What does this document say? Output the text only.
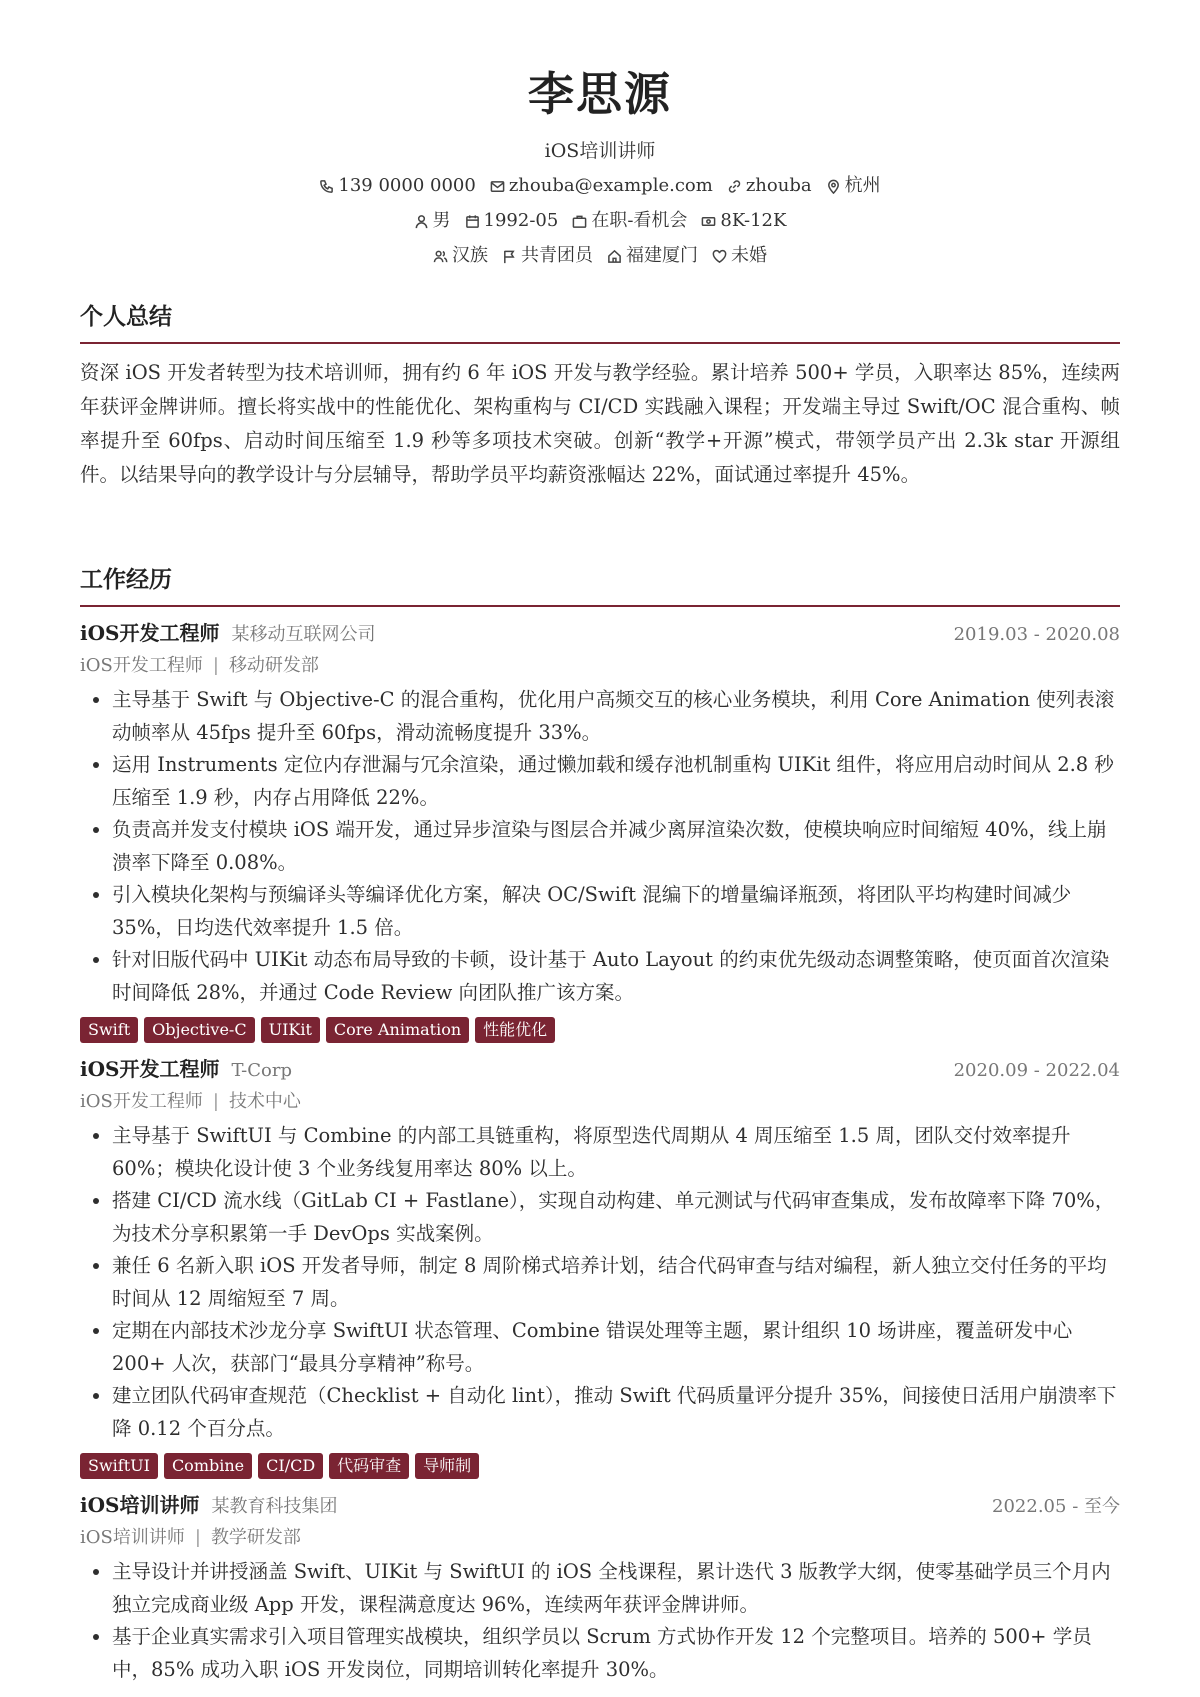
李思源
iOS培训讲师
139 0000 0000 zhouba@example.com zhouba 杭州
男 1992-05 在职-看机会 8K-12K
汉族 共青团员 福建厦门 未婚
个人总结
资深 iOS 开发者转型为技术培训师，拥有约 6 年 iOS 开发与教学经验。累计培养 500+ 学员，入职率达 85%，连续两年获评金牌讲师。擅长将实战中的性能优化、架构重构与 CI/CD 实践融入课程；开发端主导过 Swift/OC 混合重构、帧率提升至 60fps、启动时间压缩至 1.9 秒等多项技术突破。创新“教学+开源”模式，带领学员产出 2.3k star 开源组件。以结果导向的教学设计与分层辅导，帮助学员平均薪资涨幅达 22%，面试通过率提升 45%。
工作经历
iOS开发工程师 某移动互联网公司	2019.03 - 2020.08
iOS开发工程师 | 移动研发部
• 主导基于 Swift 与 Objective-C 的混合重构，优化用户高频交互的核心业务模块，利用 Core Animation 使列表滚动帧率从 45fps 提升至 60fps，滑动流畅度提升 33%。
• 运用 Instruments 定位内存泄漏与冗余渲染，通过懒加载和缓存池机制重构 UIKit 组件，将应用启动时间从 2.8 秒压缩至 1.9 秒，内存占用降低 22%。
• 负责高并发支付模块 iOS 端开发，通过异步渲染与图层合并减少离屏渲染次数，使模块响应时间缩短 40%，线上崩溃率下降至 0.08%。
• 引入模块化架构与预编译头等编译优化方案，解决 OC/Swift 混编下的增量编译瓶颈，将团队平均构建时间减少 35%，日均迭代效率提升 1.5 倍。
• 针对旧版代码中 UIKit 动态布局导致的卡顿，设计基于 Auto Layout 的约束优先级动态调整策略，使页面首次渲染时间降低 28%，并通过 Code Review 向团队推广该方案。
Swift	Objective-C	UIKit	Core Animation	性能优化
iOS开发工程师 T-Corp	2020.09 - 2022.04
iOS开发工程师 | 技术中心
• 主导基于 SwiftUI 与 Combine 的内部工具链重构，将原型迭代周期从 4 周压缩至 1.5 周，团队交付效率提升 60%；模块化设计使 3 个业务线复用率达 80% 以上。
• 搭建 CI/CD 流水线（GitLab CI + Fastlane），实现自动构建、单元测试与代码审查集成，发布故障率下降 70%，为技术分享积累第一手 DevOps 实战案例。
• 兼任 6 名新入职 iOS 开发者导师，制定 8 周阶梯式培养计划，结合代码审查与结对编程，新人独立交付任务的平均时间从 12 周缩短至 7 周。
• 定期在内部技术沙龙分享 SwiftUI 状态管理、Combine 错误处理等主题，累计组织 10 场讲座，覆盖研发中心 200+ 人次，获部门“最具分享精神”称号。
• 建立团队代码审查规范（Checklist + 自动化 lint），推动 Swift 代码质量评分提升 35%，间接使日活用户崩溃率下降 0.12 个百分点。
SwiftUI	Combine	CI/CD	代码审查	导师制
iOS培训讲师 某教育科技集团	2022.05 - 至今
iOS培训讲师 | 教学研发部
• 主导设计并讲授涵盖 Swift、UIKit 与 SwiftUI 的 iOS 全栈课程，累计迭代 3 版教学大纲，使零基础学员三个月内独立完成商业级 App 开发，课程满意度达 96%，连续两年获评金牌讲师。
• 基于企业真实需求引入项目管理实战模块，组织学员以 Scrum 方式协作开发 12 个完整项目。培养的 500+ 学员中，85% 成功入职 iOS 开发岗位，同期培训转化率提升 30%。
